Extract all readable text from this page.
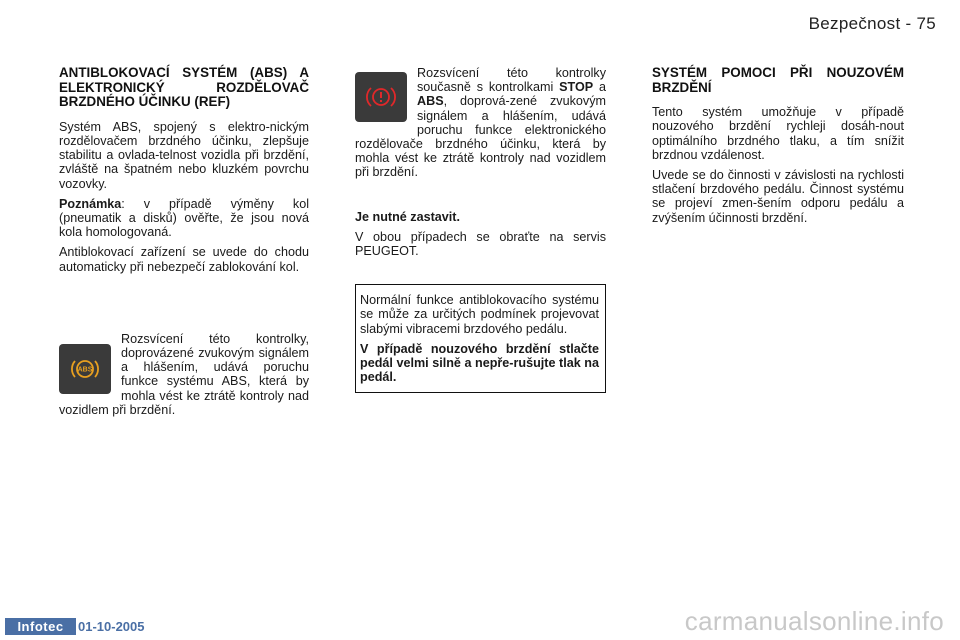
Bezpečnost - 75
ANTIBLOKOVACÍ SYSTÉM (ABS) A ELEKTRONICKÝ ROZDĚLOVAČ BRZDNÉHO ÚČINKU (REF)

Systém ABS, spojený s elektro-nickým rozdělovačem brzdného účinku, zlepšuje stabilitu a ovlada-telnost vozidla při brzdění, zvláště na špatném nebo kluzkém povrchu vozovky.

Poznámka: v případě výměny kol (pneumatik a disků) ověřte, že jsou nová kola homologovaná.

Antiblokovací zařízení se uvede do chodu automaticky při nebezpečí zablokování kol.

ABS

Rozsvícení této kontrolky, doprovázené zvukovým signálem a hlášením, udává poruchu funkce systému ABS, která by mohla vést ke ztrátě kontroly nad vozidlem při brzdění.

Rozsvícení této kontrolky současně s kontrolkami STOP a ABS, doprová-zené zvukovým signálem a hlášením, udává poruchu funkce elektronického rozdělovače brzdného účinku, která by mohla vést ke ztrátě kontroly nad vozidlem při brzdění.

Je nutné zastavit.

V obou případech se obraťte na servis PEUGEOT.

Normální funkce antiblokovacího systému se může za určitých podmínek projevovat slabými vibracemi brzdového pedálu.

V případě nouzového brzdění stlačte pedál velmi silně a nepře-rušujte tlak na pedál.

SYSTÉM POMOCI PŘI NOUZOVÉM BRZDĚNÍ

Tento systém umožňuje v případě nouzového brzdění rychleji dosáh-nout optimálního brzdného tlaku, a tím snížit brzdnou vzdálenost.

Uvede se do činnosti v závislosti na rychlosti stlačení brzdového pedálu. Činnost systému se projeví zmen-šením odporu pedálu a zvýšením účinnosti brzdění.

Infotec	01-10-2005	carmanualsonline.info
